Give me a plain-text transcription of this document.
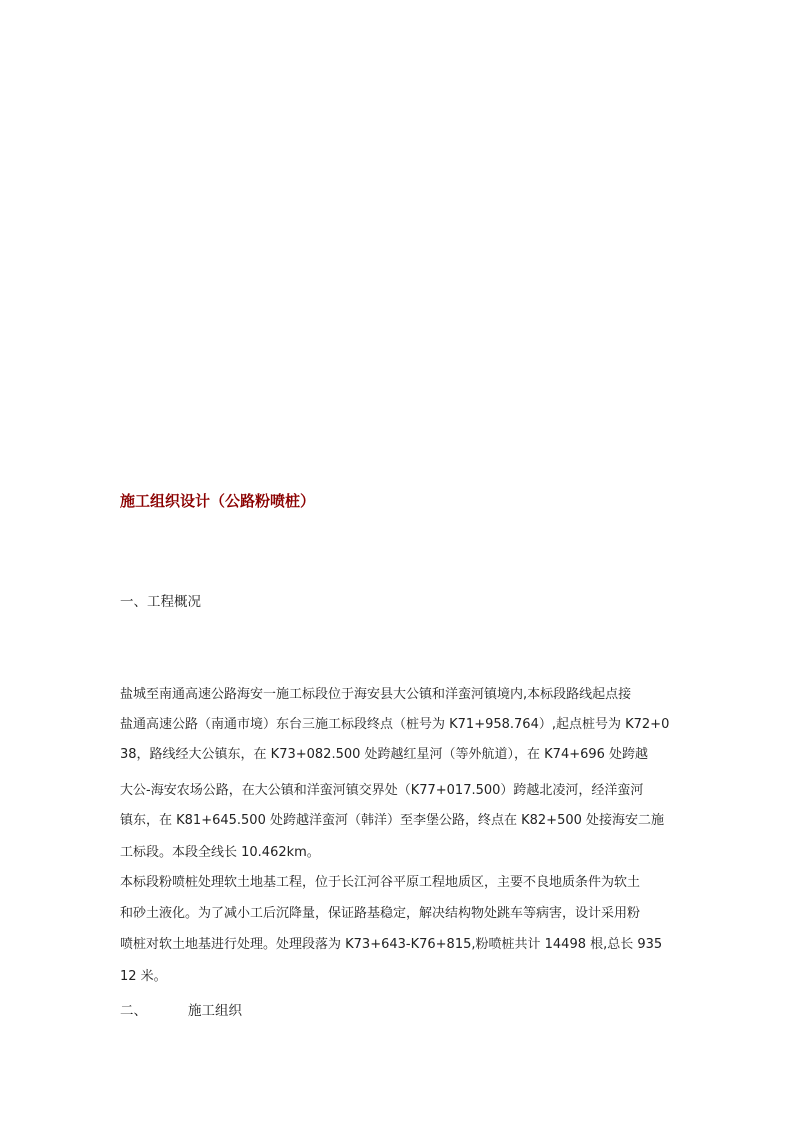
施工组织设计（公路粉喷桩）
一、工程概况
盐城至南通高速公路海安一施工标段位于海安县大公镇和洋蛮河镇境内,本标段路线起点接
盐通高速公路（南通市境）东台三施工标段终点（桩号为 K71+958.764）,起点桩号为 K72+0
38，路线经大公镇东，在 K73+082.500 处跨越红星河（等外航道），在 K74+696 处跨越
大公-海安农场公路，在大公镇和洋蛮河镇交界处（K77+017.500）跨越北凌河，经洋蛮河
镇东，在 K81+645.500 处跨越洋蛮河（韩洋）至李堡公路，终点在 K82+500 处接海安二施
工标段。本段全线长 10.462km。
本标段粉喷桩处理软土地基工程，位于长江河谷平原工程地质区，主要不良地质条件为软土
和砂土液化。为了减小工后沉降量，保证路基稳定，解决结构物处跳车等病害，设计采用粉
喷桩对软土地基进行处理。处理段落为 K73+643-K76+815,粉喷桩共计 14498 根,总长 935
12 米。
二、	施工组织
